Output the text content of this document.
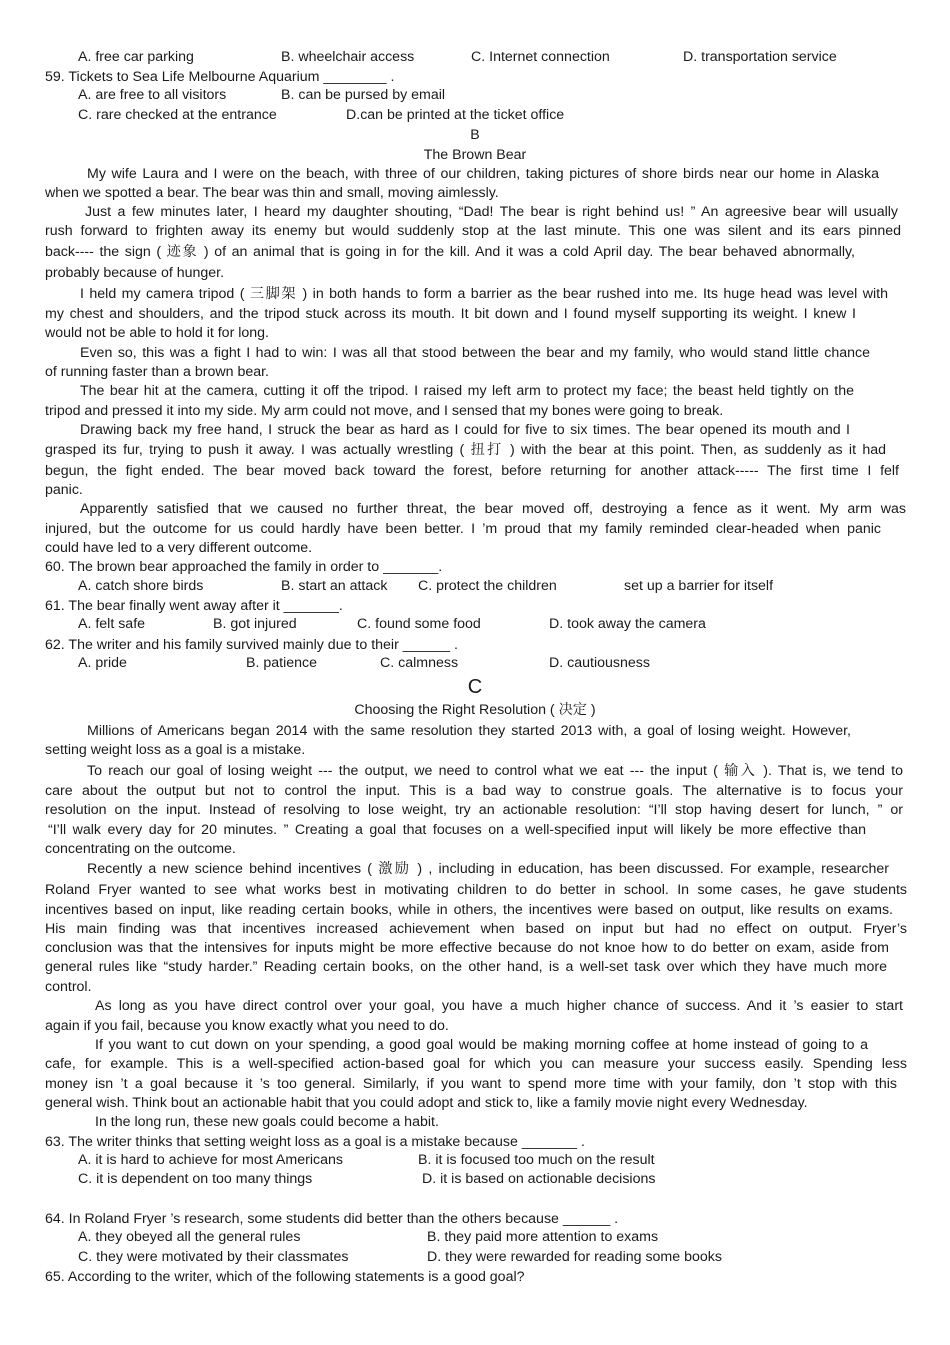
A. free car parking	B. wheelchair access	C. Internet connection	D. transportation service
59. Tickets to Sea Life Melbourne Aquarium ________ .
A. are free to all visitors	B. can be pursed by email
C. rare checked at the entrance	D.can be printed at the ticket office
B
The Brown Bear
My wife Laura and I were on the beach, with three of our children, taking pictures of shore birds near our home in Alaska
when we spotted a bear. The bear was thin and small, moving aimlessly.
Just a few minutes later, I heard my daughter shouting, “Dad! The bear is right behind us! ” An agreesive bear will usually
rush forward to frighten away its enemy but would suddenly stop at the last minute. This one was silent and its ears pinned
back---- the sign ( 迹象 ) of an animal that is going in for the kill. And it was a cold April day. The bear behaved abnormally,
probably because of hunger.
I held my camera tripod ( 三脚架 ) in both hands to form a barrier as the bear rushed into me. Its huge head was level with
my chest and shoulders, and the tripod stuck across its mouth. It bit down and I found myself supporting its weight. I knew I
would not be able to hold it for long.
Even so, this was a fight I had to win: I was all that stood between the bear and my family, who would stand little chance
of running faster than a brown bear.
The bear hit at the camera, cutting it off the tripod. I raised my left arm to protect my face; the beast held tightly on the
tripod and pressed it into my side. My arm could not move, and I sensed that my bones were going to break.
Drawing back my free hand, I struck the bear as hard as I could for five to six times. The bear opened its mouth and I
grasped its fur, trying to push it away. I was actually wrestling ( 扭打 ) with the bear at this point. Then, as suddenly as it had
begun, the fight ended. The bear moved back toward the forest, before returning for another attack----- The first time I felf
panic.
Apparently satisfied that we caused no further threat, the bear moved off, destroying a fence as it went. My arm was
injured, but the outcome for us could hardly have been better. I ’m proud that my family reminded clear-headed when panic
could have led to a very different outcome.
60. The brown bear approached the family in order to _______.
A. catch shore birds	B. start an attack C. protect the children	set up a barrier for itself
61. The bear finally went away after it _______.
A. felt safe	B. got injured	C. found some food	D. took away the camera
62. The writer and his family survived mainly due to their ______ .
A. pride	B. patience	C. calmness	D. cautiousness
C
Choosing the Right Resolution ( 决定 )
Millions of Americans began 2014 with the same resolution they started 2013 with, a goal of losing weight. However,
setting weight loss as a goal is a mistake.
To reach our goal of losing weight --- the output, we need to control what we eat --- the input ( 输入 ). That is, we tend to
care about the output but not to control the input. This is a bad way to construe goals. The alternative is to focus your
resolution on the input. Instead of resolving to lose weight, try an actionable resolution: “I’ll stop having desert for lunch, ” or
“I’ll walk every day for 20 minutes. ” Creating a goal that focuses on a well-specified input will likely be more effective than
concentrating on the outcome.
Recently a new science behind incentives ( 激励 ) , including in education, has been discussed. For example, researcher
Roland Fryer wanted to see what works best in motivating children to do better in school. In some cases, he gave students
incentives based on input, like reading certain books, while in others, the incentives were based on output, like results on exams.
His main finding was that incentives increased achievement when based on input but had no effect on output. Fryer’s
conclusion was that the intensives for inputs might be more effective because do not knoe how to do better on exam, aside from
general rules like “study harder.” Reading certain books, on the other hand, is a well-set task over which they have much more
control.
As long as you have direct control over your goal, you have a much higher chance of success. And it ’s easier to start
again if you fail, because you know exactly what you need to do.
If you want to cut down on your spending, a good goal would be making morning coffee at home instead of going to a
cafe, for example. This is a well-specified action-based goal for which you can measure your success easily. Spending less
money isn ’t a goal because it ’s too general. Similarly, if you want to spend more time with your family, don ’t stop with this
general wish. Think bout an actionable habit that you could adopt and stick to, like a family movie night every Wednesday.
In the long run, these new goals could become a habit.
63. The writer thinks that setting weight loss as a goal is a mistake because _______ .
A. it is hard to achieve for most Americans	B. it is focused too much on the result
C. it is dependent on too many things	D. it is based on actionable decisions
64. In Roland Fryer ’s research, some students did better than the others because ______ .
A. they obeyed all the general rules	B. they paid more attention to exams
C. they were motivated by their classmates	D. they were rewarded for reading some books
65. According to the writer, which of the following statements is a good goal?
